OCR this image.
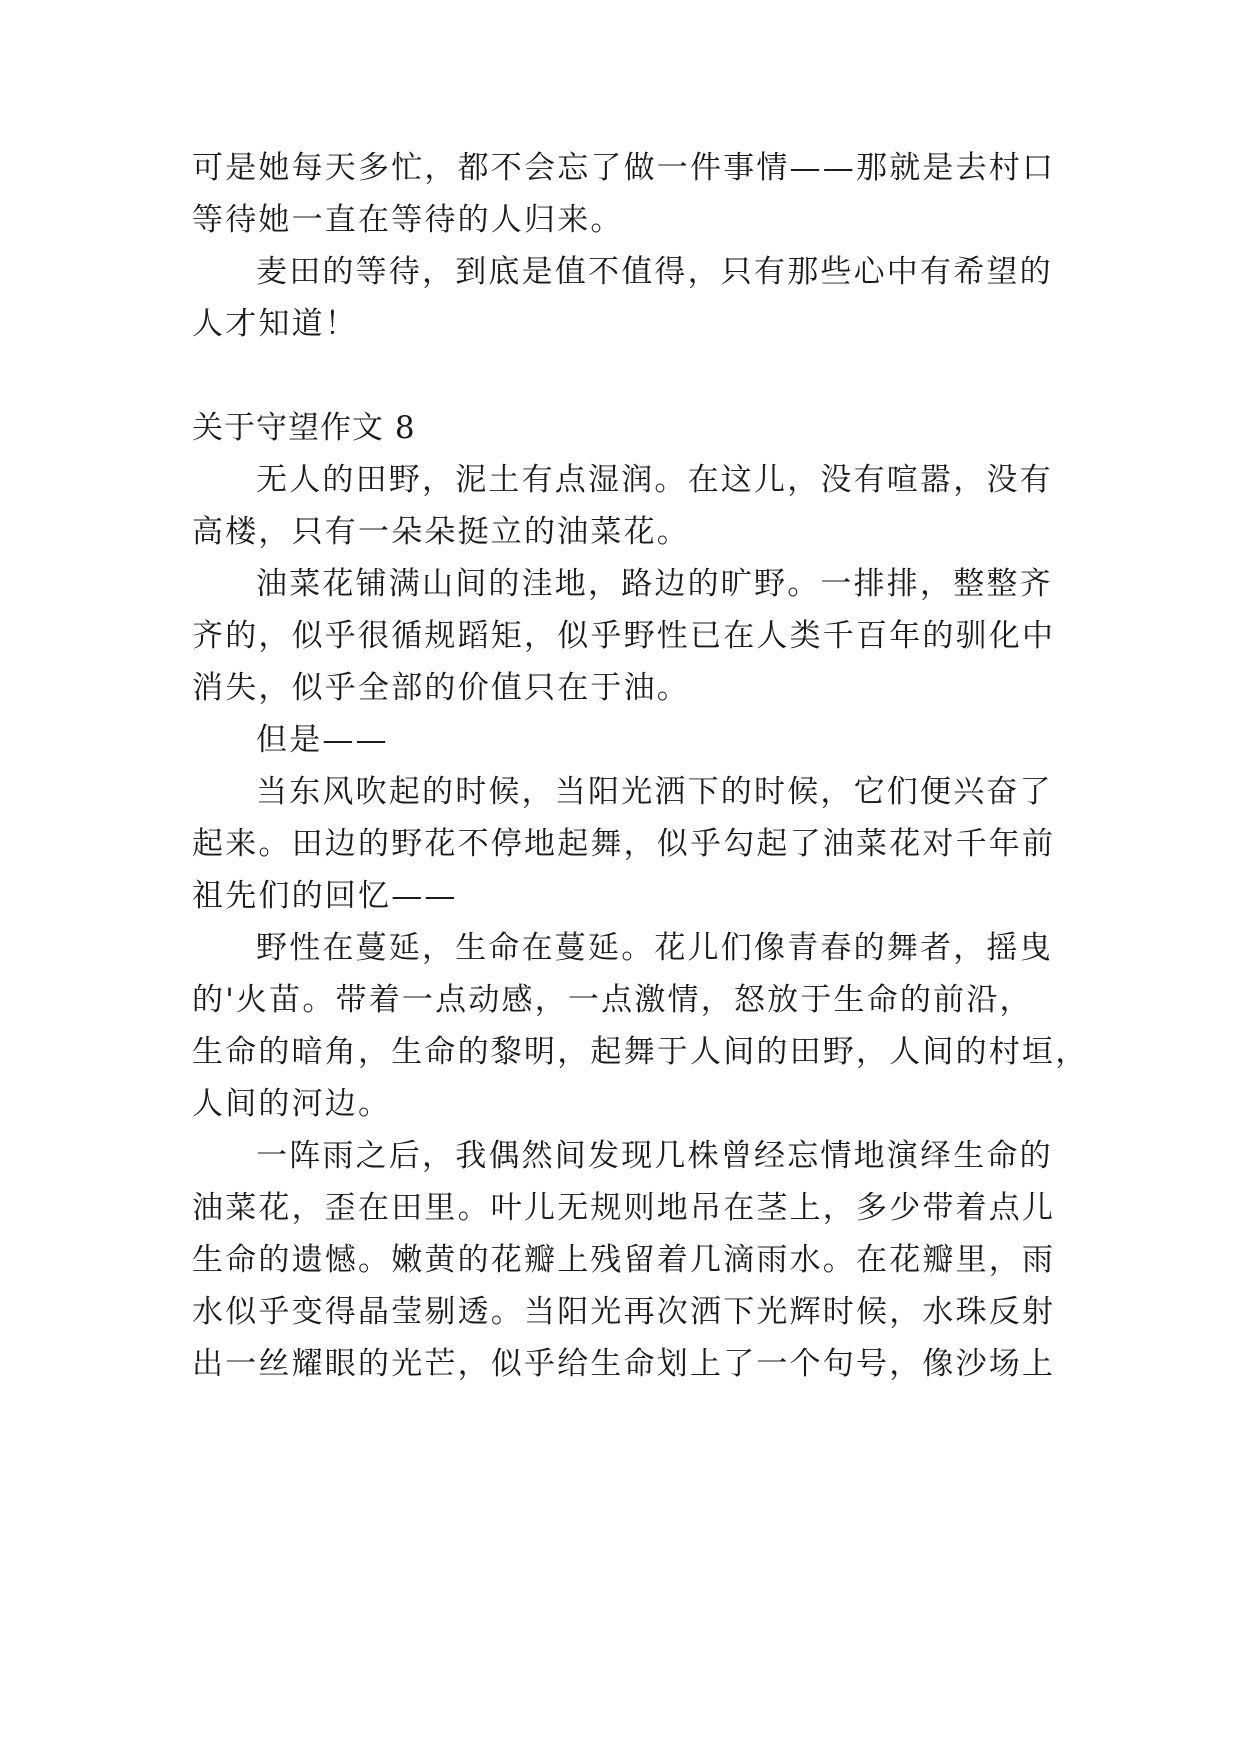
可是她每天多忙，都不会忘了做一件事情——那就是去村口
等待她一直在等待的人归来。
麦田的等待，到底是值不值得，只有那些心中有希望的
人才知道！
关于守望作文 8
无人的田野，泥土有点湿润。在这儿，没有喧嚣，没有
高楼，只有一朵朵挺立的油菜花。
油菜花铺满山间的洼地，路边的旷野。一排排，整整齐
齐的，似乎很循规蹈矩，似乎野性已在人类千百年的驯化中
消失，似乎全部的价值只在于油。
但是——
当东风吹起的时候，当阳光洒下的时候，它们便兴奋了
起来。田边的野花不停地起舞，似乎勾起了油菜花对千年前
祖先们的回忆——
野性在蔓延，生命在蔓延。花儿们像青春的舞者，摇曳
的'火苗。带着一点动感，一点激情，怒放于生命的前沿，
生命的暗角，生命的黎明，起舞于人间的田野，人间的村垣，
人间的河边。
一阵雨之后，我偶然间发现几株曾经忘情地演绎生命的
油菜花，歪在田里。叶儿无规则地吊在茎上，多少带着点儿
生命的遗憾。嫩黄的花瓣上残留着几滴雨水。在花瓣里，雨
水似乎变得晶莹剔透。当阳光再次洒下光辉时候，水珠反射
出一丝耀眼的光芒，似乎给生命划上了一个句号，像沙场上
